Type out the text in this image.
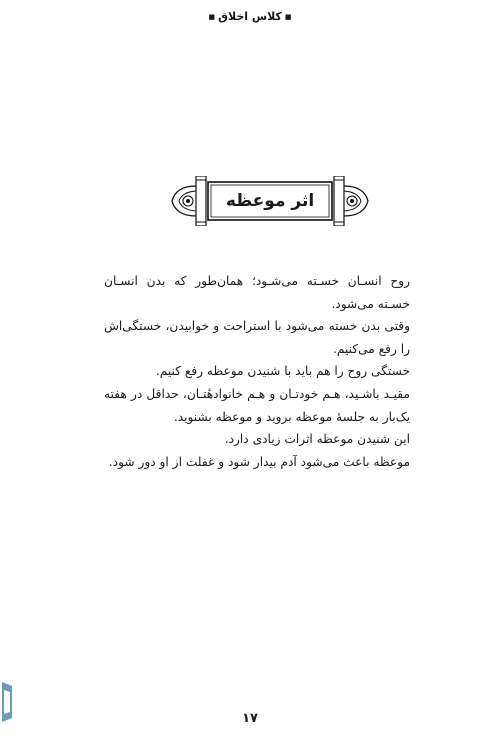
■کلاس اخلاق■
اثر موعظه

روح انسـان خسـته می‌شـود؛ همان‌طور که بدن انسـان خسـته می‌شود.

وقتی بدن خسته می‌شود با استراحت و خوابیدن، خستگی‌اش را رفع می‌کنیم.

خستگی روح را هم باید با شنیدن موعظه رفع کنیم.

مقیـد باشـید، هـم خودتـان و هـم خانوادهٔتـان، حداقل در هفته یک‌بار به جلسهٔ موعظه بروید و موعظه بشنوید.

این شنیدن موعظه اثرات زیادی دارد.

موعظه باعث می‌شود آدم بیدار شود و غفلت از او دور شود.

۱۷
